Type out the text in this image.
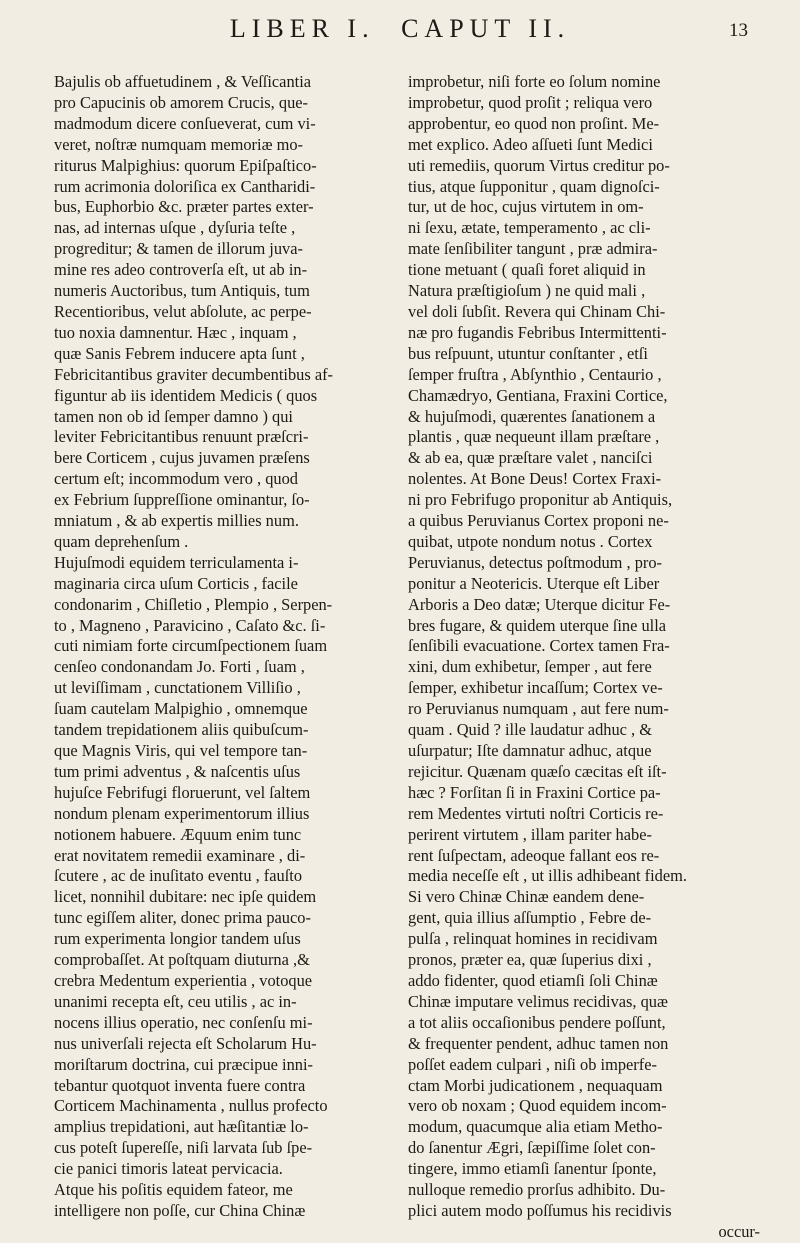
LIBER I. CAPUT II.	13
Bajulis ob affuetudinem , & Veſſicantia
pro Capucinis ob amorem Crucis, que-
madmodum dicere conſueverat, cum vi-
veret, noſtræ numquam memoriæ mo-
riturus Malpighius: quorum Epiſpaſtico-
rum acrimonia doloriſica ex Cantharidi-
bus, Euphorbio &c. præter partes exter-
nas, ad internas uſque , dyſuria teſte ,
progreditur; & tamen de illorum juva-
mine res adeo controverſa eſt, ut ab in-
numeris Auctoribus, tum Antiquis, tum
Recentioribus, velut abſolute, ac perpe-
tuo noxia damnentur. Hæc , inquam ,
quæ Sanis Febrem inducere apta ſunt ,
Febricitantibus graviter decumbentibus af-
figuntur ab iis identidem Medicis ( quos
tamen non ob id ſemper damno ) qui
leviter Febricitantibus renuunt præſcri-
bere Corticem , cujus juvamen præſens
certum eſt; incommodum vero , quod
ex Febrium ſuppreſſione ominantur, ſo-
mniatum , & ab expertis millies num.
quam deprehenſum .
Hujuſmodi equidem terriculamenta i-
maginaria circa uſum Corticis , facile
condonarim , Chiſletio , Plempio , Serpen-
to , Magneno , Paravicino , Caſato &c. ſi-
cuti nimiam forte circumſpectionem ſuam
cenſeo condonandam Jo. Forti , ſuam ,
ut leviſſimam , cunctationem Villiſio ,
ſuam cautelam Malpighio , omnemque
tandem trepidationem aliis quibuſcum-
que Magnis Viris, qui vel tempore tan-
tum primi adventus , & naſcentis uſus
hujuſce Febrifugi floruerunt, vel ſaltem
nondum plenam experimentorum illius
notionem habuere. Æquum enim tunc
erat novitatem remedii examinare , di-
ſcutere , ac de inuſitato eventu , fauſto
licet, nonnihil dubitare: nec ipſe quidem
tunc egiſſem aliter, donec prima pauco-
rum experimenta longior tandem uſus
comprobaſſet. At poſtquam diuturna ,&
crebra Medentum experientia , votoque
unanimi recepta eſt, ceu utilis , ac in-
nocens illius operatio, nec conſenſu mi-
nus univerſali rejecta eſt Scholarum Hu-
moriſtarum doctrina, cui præcipue inni-
tebantur quotquot inventa fuere contra
Corticem Machinamenta , nullus profecto
amplius trepidationi, aut hæſitantiæ lo-
cus poteſt ſupereſſe, niſi larvata ſub ſpe-
cie panici timoris lateat pervicacia.
Atque his poſitis equidem fateor, me
intelligere non poſſe, cur China Chinæ
improbetur, niſi forte eo ſolum nomine
improbetur, quod proſit ; reliqua vero
approbentur, eo quod non proſint. Me-
met explico. Adeo aſſueti ſunt Medici
uti remediis, quorum Virtus creditur po-
tius, atque ſupponitur , quam dignoſci-
tur, ut de hoc, cujus virtutem in om-
ni ſexu, ætate, temperamento , ac cli-
mate ſenſibiliter tangunt , præ admira-
tione metuant ( quaſi foret aliquid in
Natura præſtigioſum ) ne quid mali ,
vel doli ſubſit. Revera qui Chinam Chi-
næ pro fugandis Febribus Intermittenti-
bus reſpuunt, utuntur conſtanter , etſi
ſemper fruſtra , Abſynthio , Centaurio ,
Chamædryo, Gentiana, Fraxini Cortice,
& hujuſmodi, quærentes ſanationem a
plantis , quæ nequeunt illam præſtare ,
& ab ea, quæ præſtare valet , nanciſci
nolentes. At Bone Deus! Cortex Fraxi-
ni pro Febrifugo proponitur ab Antiquis,
a quibus Peruvianus Cortex proponi ne-
quibat, utpote nondum notus . Cortex
Peruvianus, detectus poſtmodum , pro-
ponitur a Neotericis. Uterque eſt Liber
Arboris a Deo datæ; Uterque dicitur Fe-
bres fugare, & quidem uterque ſine ulla
ſenſibili evacuatione. Cortex tamen Fra-
xini, dum exhibetur, ſemper , aut fere
ſemper, exhibetur incaſſum; Cortex ve-
ro Peruvianus numquam , aut fere num-
quam . Quid ? ille laudatur adhuc , &
uſurpatur; Iſte damnatur adhuc, atque
rejicitur. Quænam quæſo cæcitas eſt iſt-
hæc ? Forſitan ſi in Fraxini Cortice pa-
rem Medentes virtuti noſtri Corticis re-
perirent virtutem , illam pariter habe-
rent ſuſpectam, adeoque fallant eos re-
media neceſſe eſt , ut illis adhibeant fidem.
Si vero Chinæ Chinæ eandem dene-
gent, quia illius aſſumptio , Febre de-
pulſa , relinquat homines in recidivam
pronos, præter ea, quæ ſuperius dixi ,
addo fidenter, quod etiamſi ſoli Chinæ
Chinæ imputare velimus recidivas, quæ
a tot aliis occaſionibus pendere poſſunt,
& frequenter pendent, adhuc tamen non
poſſet eadem culpari , niſi ob imperfe-
ctam Morbi judicationem , nequaquam
vero ob noxam ; Quod equidem incom-
modum, quacumque alia etiam Metho-
do ſanentur Ægri, ſæpiſſime ſolet con-
tingere, immo etiamſi ſanentur ſponte,
nulloque remedio prorſus adhibito. Du-
plici autem modo poſſumus his recidivis
occur-
